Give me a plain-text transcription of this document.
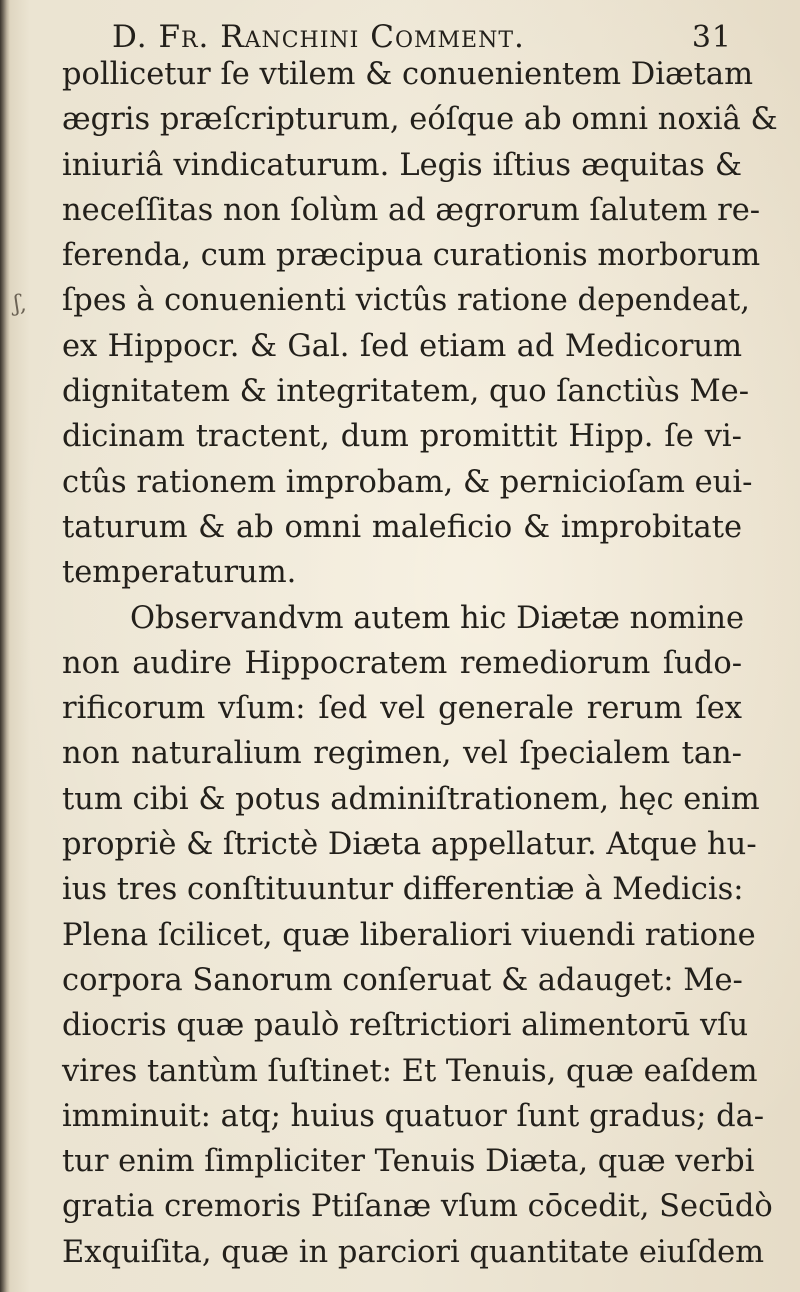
D. Fr. Ranchini Comment.	31
ʃ,
pollicetur ſe vtilem & conuenientem Diætam
ægris præſcripturum, eóſque ab omni noxiâ &
iniuriâ vindicaturum. Legis iſtius æquitas &
neceſſitas non ſolùm ad ægrorum ſalutem re-
ferenda, cum præcipua curationis morborum
ſpes à conuenienti victûs ratione dependeat,
ex Hippocr. & Gal. ſed etiam ad Medicorum
dignitatem & integritatem, quo ſanctiùs Me-
dicinam tractent, dum promittit Hipp. ſe vi-
ctûs rationem improbam, & pernicioſam eui-
taturum & ab omni maleficio & improbitate
temperaturum.
Observandvm autem hic Diætæ nomine
non audire Hippocratem remediorum ſudo-
rificorum vſum: ſed vel generale rerum ſex
non naturalium regimen, vel ſpecialem tan-
tum cibi & potus adminiſtrationem, hęc enim
propriè & ſtrictè Diæta appellatur. Atque hu-
ius tres conſtituuntur differentiæ à Medicis:
Plena ſcilicet, quæ liberaliori viuendi ratione
corpora Sanorum conſeruat & adauget: Me-
diocris quæ paulò reſtrictiori alimentorū vſu
vires tantùm ſuſtinet: Et Tenuis, quæ eaſdem
imminuit: atq; huius quatuor ſunt gradus; da-
tur enim ſimpliciter Tenuis Diæta, quæ verbi
gratia cremoris Ptiſanæ vſum cōcedit, Secūdò
Exquiſita, quæ in parciori quantitate eiuſdem
